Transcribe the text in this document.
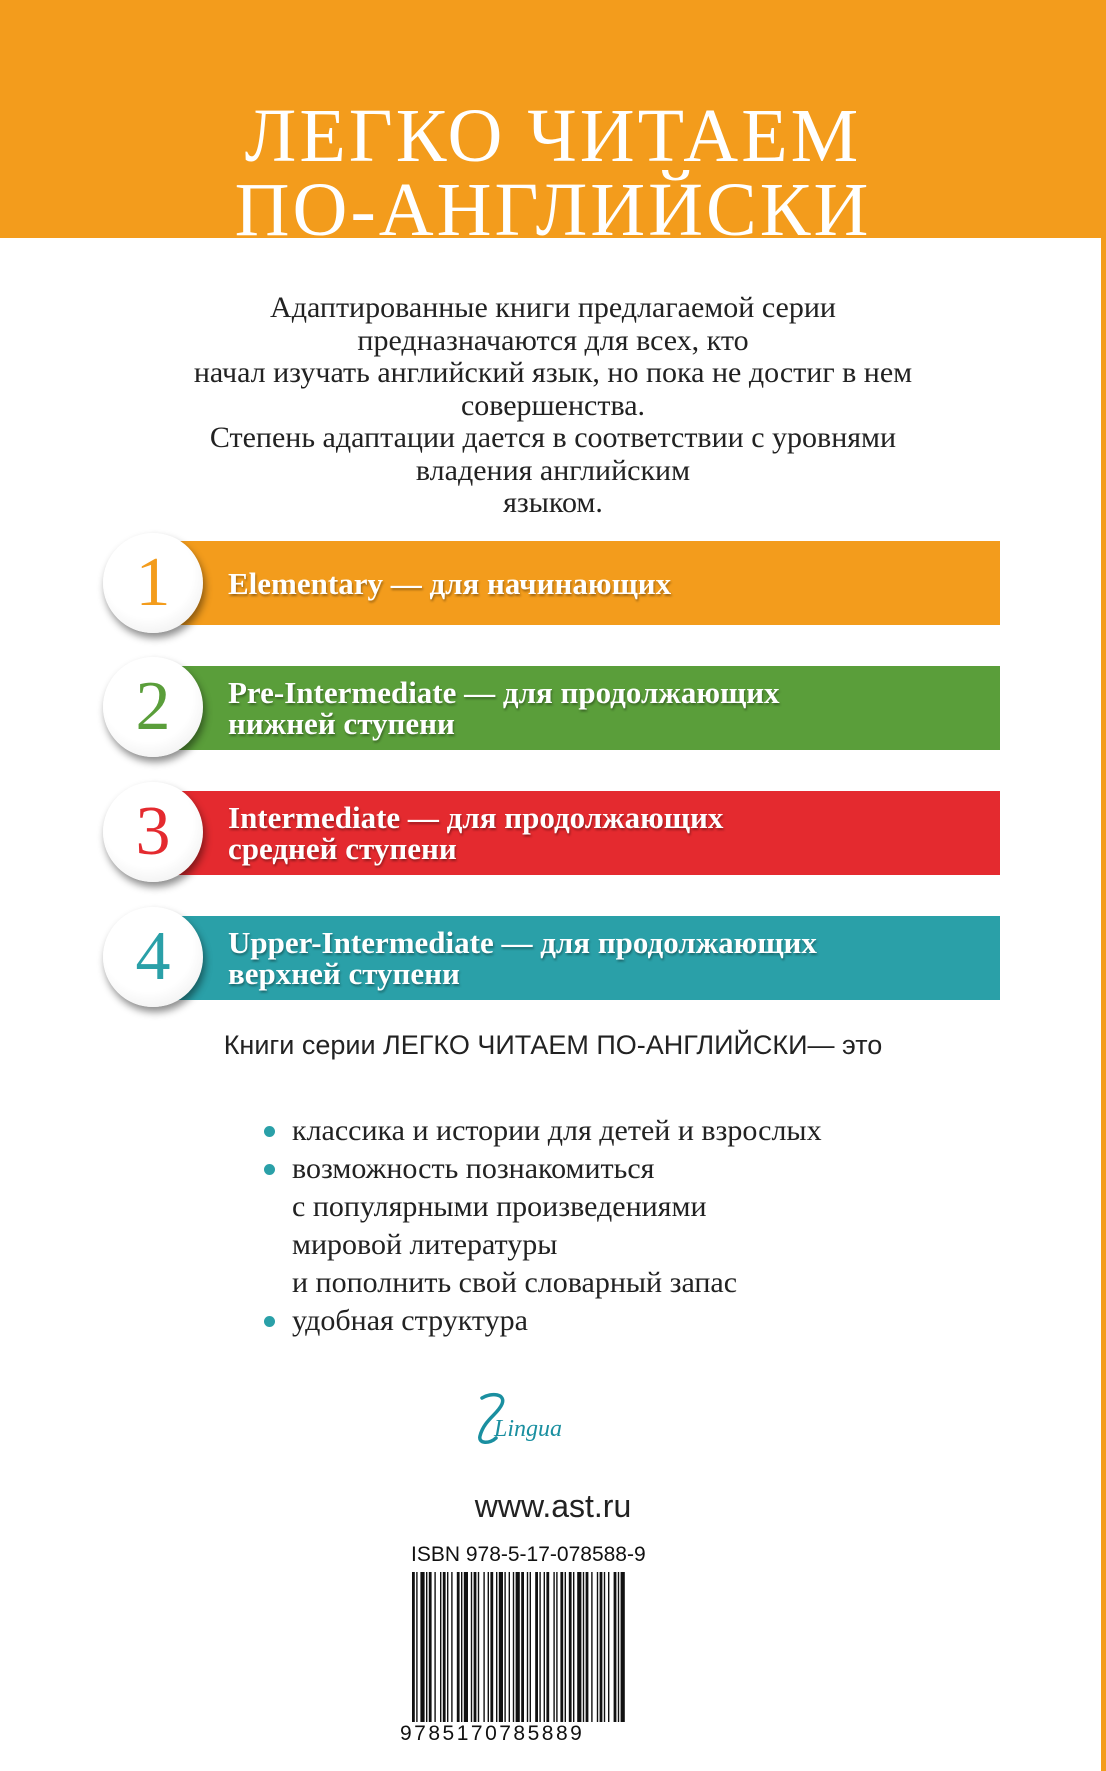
ЛЕГКО ЧИТАЕМ
ПО-АНГЛИЙСКИ
Адаптированные книги предлагаемой серии
предназначаются для всех, кто
начал изучать английский язык, но пока не достиг в нем
совершенства.
Степень адаптации дается в соответствии с уровнями
владения английским
языком.
Elementary — для начинающих
1
Pre-Intermediate — для продолжающих
нижней ступени
2
Intermediate — для продолжающих
средней ступени
3
Upper-Intermediate — для продолжающих
верхней ступени
4
Книги серии ЛЕГКО ЧИТАЕМ ПО-АНГЛИЙСКИ— это
классика и истории для детей и взрослых
возможность познакомиться
с популярными произведениями
мировой литературы
и пополнить свой словарный запас
удобная структура
Lingua
www.ast.ru
ISBN 978-5-17-078588-9
9785170785889
